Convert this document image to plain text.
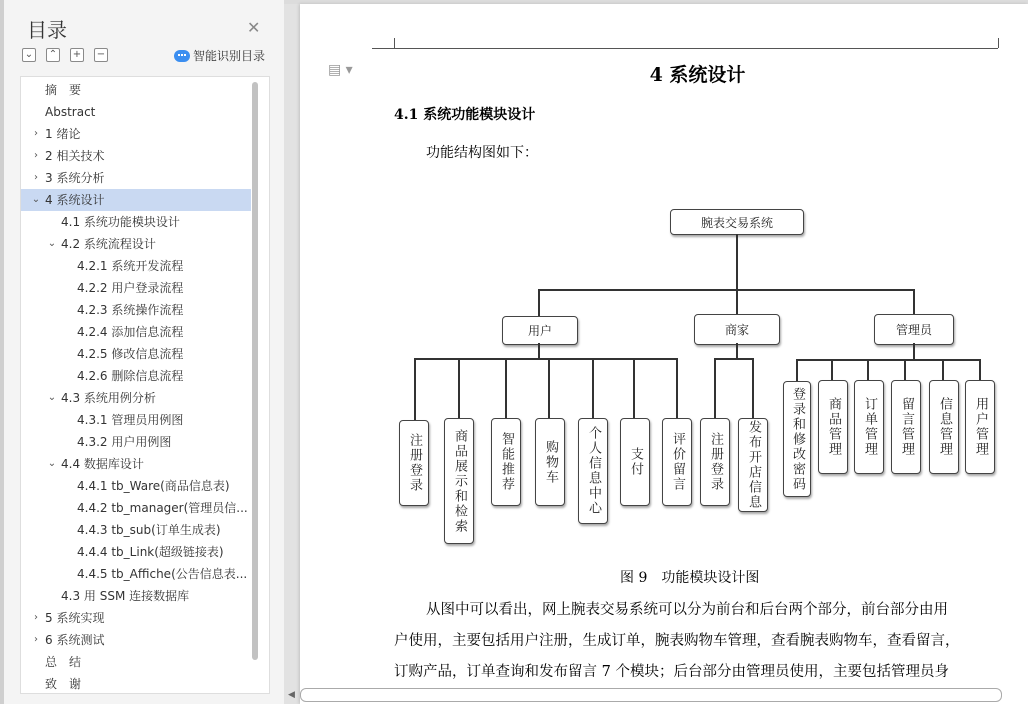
目录	✕
⌄ ⌃ + −	智能识别目录
摘　要
Abstract
› 1 绪论
› 2 相关技术
› 3 系统分析
⌄ 4 系统设计
4.1 系统功能模块设计
⌄ 4.2 系统流程设计
4.2.1 系统开发流程
4.2.2 用户登录流程
4.2.3 系统操作流程
4.2.4 添加信息流程
4.2.5 修改信息流程
4.2.6 删除信息流程
⌄ 4.3 系统用例分析
4.3.1 管理员用例图
4.3.2 用户用例图
⌄ 4.4 数据库设计
4.4.1 tb_Ware(商品信息表)
4.4.2 tb_manager(管理员信...
4.4.3 tb_sub(订单生成表)
4.4.4 tb_Link(超级链接表)
4.4.5 tb_Affiche(公告信息表...
4.3 用 SSM 连接数据库
› 5 系统实现
› 6 系统测试
总　结
致　谢
▤ ▾	4 系统设计
4.1 系统功能模块设计
功能结构图如下：
腕表交易系统
用户	商家	管理员
注册登录	商品展示和检索	智能推荐	购物车	个人信息中心	支付	评价留言	注册登录	发布开店信息	登录和修改密码	商品管理	订单管理	留言管理	信息管理	用户管理
图 9　功能模块设计图
从图中可以看出，网上腕表交易系统可以分为前台和后台两个部分，前台部分由用
户使用，主要包括用户注册，生成订单，腕表购物车管理，查看腕表购物车，查看留言，
订购产品，订单查询和发布留言 7 个模块；后台部分由管理员使用，主要包括管理员身
◀
